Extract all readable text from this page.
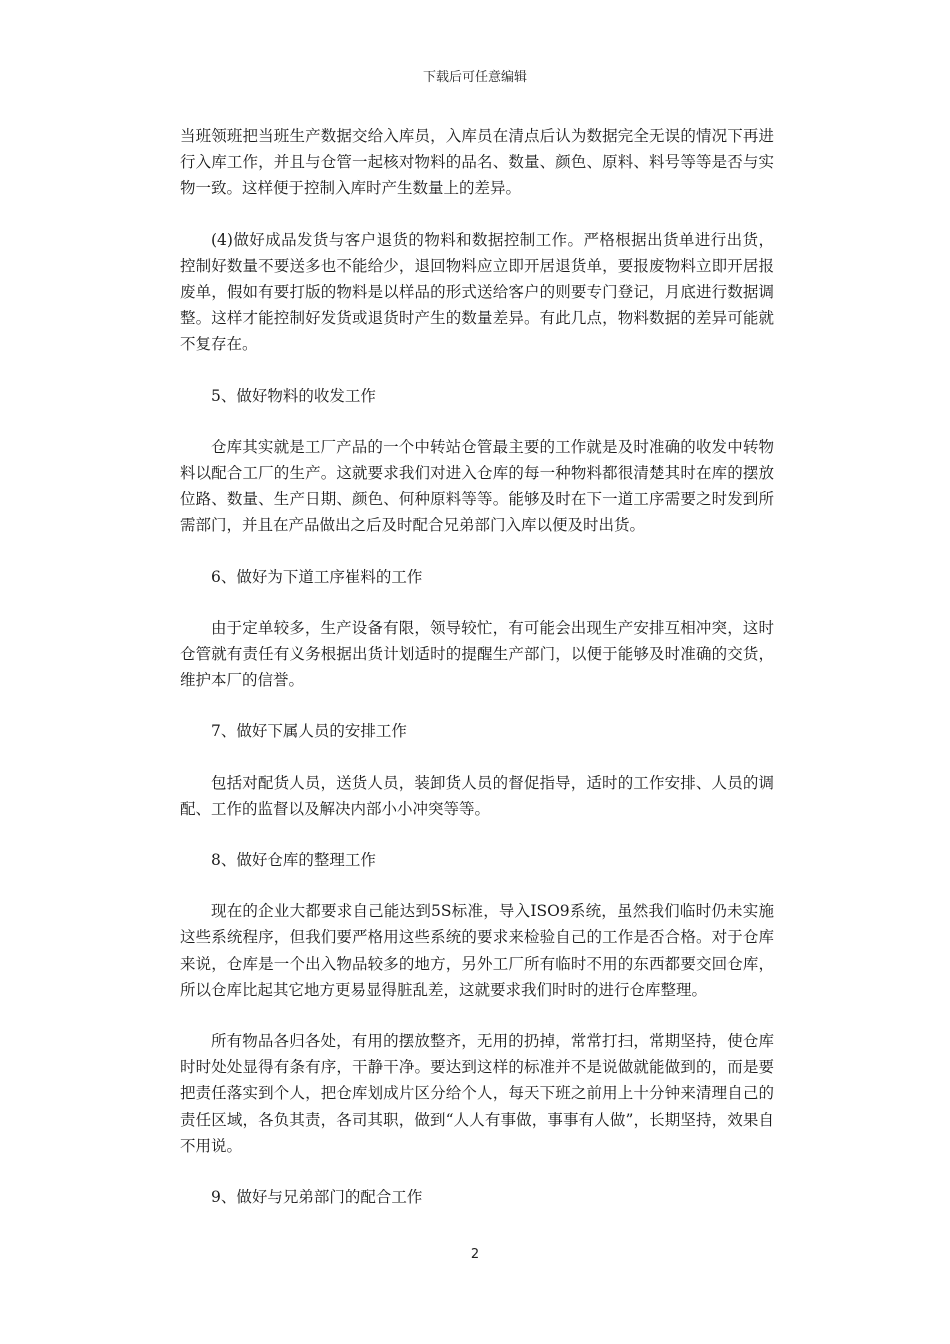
下载后可任意编辑

当班领班把当班生产数据交给入库员，入库员在清点后认为数据完全无误的情况下再进行入库工作，并且与仓管一起核对物料的品名、数量、颜色、原料、料号等等是否与实物一致。这样便于控制入库时产生数量上的差异。

(4)做好成品发货与客户退货的物料和数据控制工作。严格根据出货单进行出货，控制好数量不要送多也不能给少，退回物料应立即开居退货单，要报废物料立即开居报废单，假如有要打版的物料是以样品的形式送给客户的则要专门登记，月底进行数据调整。这样才能控制好发货或退货时产生的数量差异。有此几点，物料数据的差异可能就不复存在。

5、做好物料的收发工作

仓库其实就是工厂产品的一个中转站仓管最主要的工作就是及时准确的收发中转物料以配合工厂的生产。这就要求我们对进入仓库的每一种物料都很清楚其时在库的摆放位路、数量、生产日期、颜色、何种原料等等。能够及时在下一道工序需要之时发到所需部门，并且在产品做出之后及时配合兄弟部门入库以便及时出货。

6、做好为下道工序崔料的工作

由于定单较多，生产设备有限，领导较忙，有可能会出现生产安排互相冲突，这时仓管就有责任有义务根据出货计划适时的提醒生产部门，以便于能够及时准确的交货，维护本厂的信誉。

7、做好下属人员的安排工作

包括对配货人员，送货人员，装卸货人员的督促指导，适时的工作安排、人员的调配、工作的监督以及解决内部小小冲突等等。

8、做好仓库的整理工作

现在的企业大都要求自己能达到5S标准，导入ISO9系统，虽然我们临时仍未实施这些系统程序，但我们要严格用这些系统的要求来检验自己的工作是否合格。对于仓库来说，仓库是一个出入物品较多的地方，另外工厂所有临时不用的东西都要交回仓库，所以仓库比起其它地方更易显得脏乱差，这就要求我们时时的进行仓库整理。

所有物品各归各处，有用的摆放整齐，无用的扔掉，常常打扫，常期坚持，使仓库时时处处显得有条有序，干静干净。要达到这样的标准并不是说做就能做到的，而是要把责任落实到个人，把仓库划成片区分给个人，每天下班之前用上十分钟来清理自己的责任区域，各负其责，各司其职，做到“人人有事做，事事有人做”，长期坚持，效果自不用说。

9、做好与兄弟部门的配合工作

2
